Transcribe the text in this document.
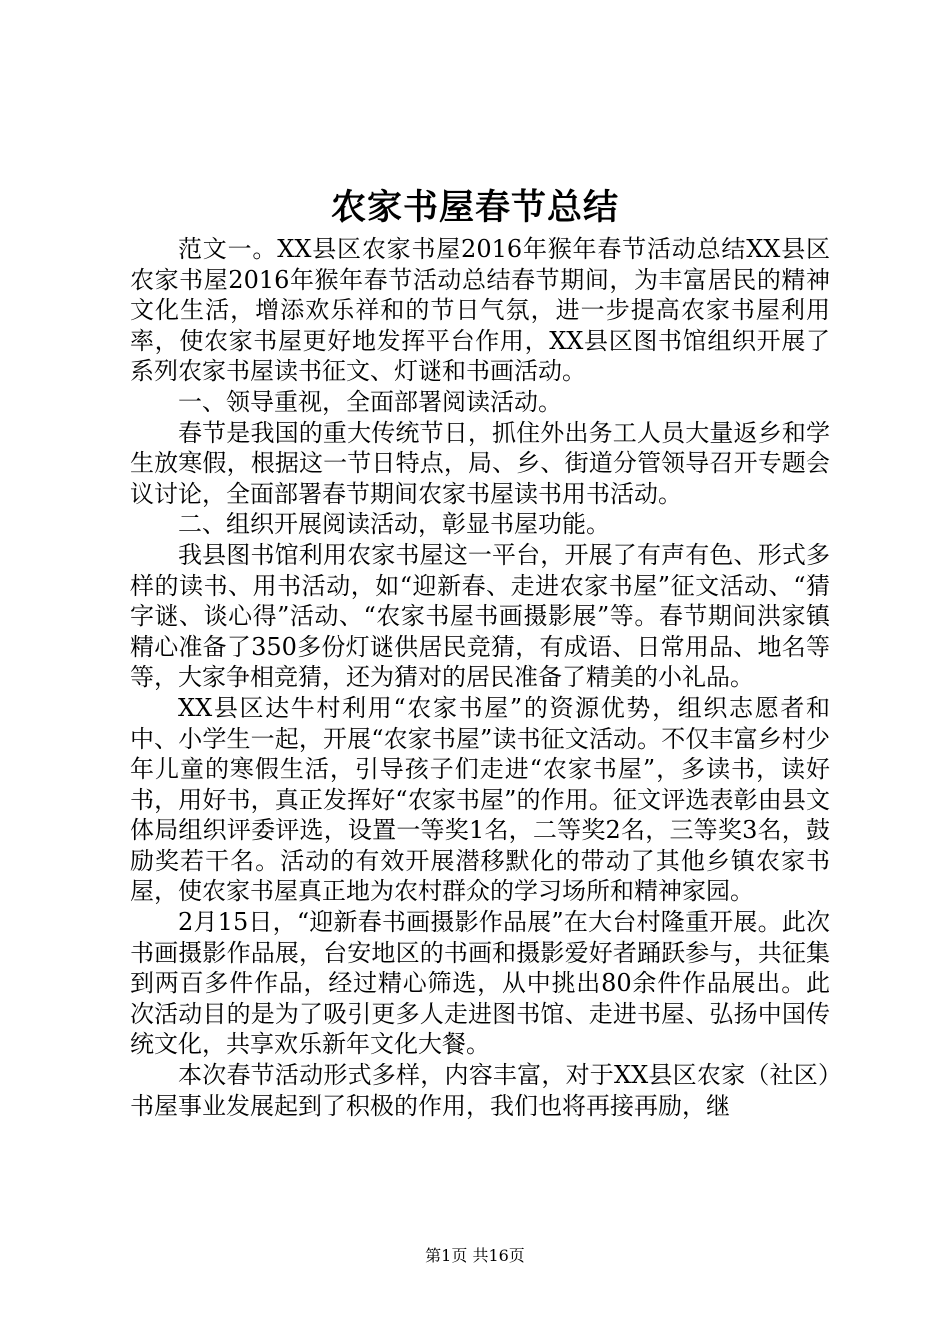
农家书屋春节总结

范文一。XX县区农家书屋2016年猴年春节活动总结XX县区农家书屋2016年猴年春节活动总结春节期间，为丰富居民的精神文化生活，增添欢乐祥和的节日气氛，进一步提高农家书屋利用率，使农家书屋更好地发挥平台作用，XX县区图书馆组织开展了系列农家书屋读书征文、灯谜和书画活动。

一、领导重视，全面部署阅读活动。

春节是我国的重大传统节日，抓住外出务工人员大量返乡和学生放寒假，根据这一节日特点，局、乡、街道分管领导召开专题会议讨论，全面部署春节期间农家书屋读书用书活动。

二、组织开展阅读活动，彰显书屋功能。

我县图书馆利用农家书屋这一平台，开展了有声有色、形式多样的读书、用书活动，如“迎新春、走进农家书屋”征文活动、“猜字谜、谈心得”活动、“农家书屋书画摄影展”等。春节期间洪家镇精心准备了350多份灯谜供居民竞猜，有成语、日常用品、地名等等，大家争相竞猜，还为猜对的居民准备了精美的小礼品。

XX县区达牛村利用“农家书屋”的资源优势，组织志愿者和中、小学生一起，开展“农家书屋”读书征文活动。不仅丰富乡村少年儿童的寒假生活，引导孩子们走进“农家书屋”，多读书，读好书，用好书，真正发挥好“农家书屋”的作用。征文评选表彰由县文体局组织评委评选，设置一等奖1名，二等奖2名，三等奖3名，鼓励奖若干名。活动的有效开展潜移默化的带动了其他乡镇农家书屋，使农家书屋真正地为农村群众的学习场所和精神家园。

2月15日，“迎新春书画摄影作品展”在大台村隆重开展。此次书画摄影作品展，台安地区的书画和摄影爱好者踊跃参与，共征集到两百多件作品，经过精心筛选，从中挑出80余件作品展出。此次活动目的是为了吸引更多人走进图书馆、走进书屋、弘扬中国传统文化，共享欢乐新年文化大餐。

本次春节活动形式多样，内容丰富，对于XX县区农家（社区）书屋事业发展起到了积极的作用，我们也将再接再励，继

第1页 共16页
